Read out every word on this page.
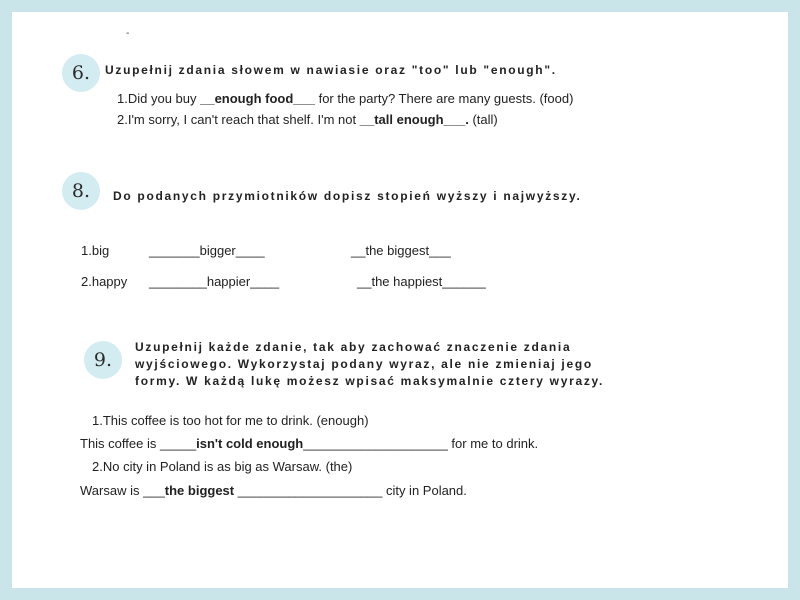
-
6.	Uzupełnij zdania słowem w nawiasie oraz "too" lub "enough".
1.Did you buy __enough food___ for the party? There are many guests. (food)
2.I'm sorry, I can't reach that shelf. I'm not __tall enough___. (tall)
8.	Do podanych przymiotników dopisz stopień wyższy i najwyższy.
1.big	_______bigger____	__the biggest___
2.happy ________happier____	__the happiest______
9.
Uzupełnij każde zdanie, tak aby zachować znaczenie zdania
wyjściowego. Wykorzystaj podany wyraz, ale nie zmieniaj jego
formy. W każdą lukę możesz wpisać maksymalnie cztery wyrazy.
1.This coffee is too hot for me to drink. (enough)
This coffee is _____isn't cold enough____________________ for me to drink.
2.No city in Poland is as big as Warsaw. (the)
Warsaw is ___the biggest ____________________ city in Poland.
